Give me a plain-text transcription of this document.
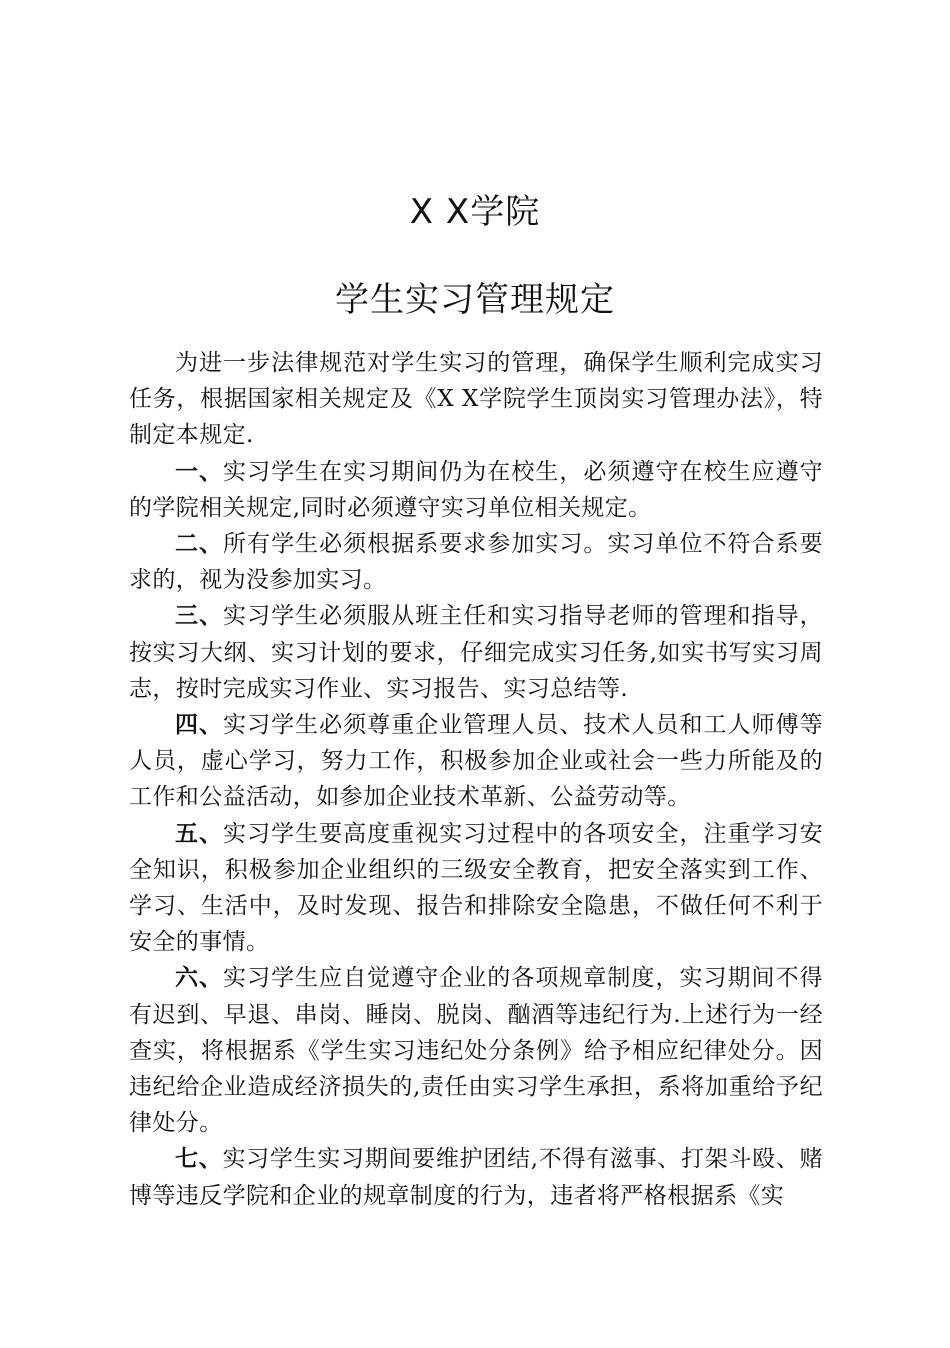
X X学院
学生实习管理规定

为进一步法律规范对学生实习的管理，确保学生顺利完成实习任务，根据国家相关规定及《X X学院学生顶岗实习管理办法》，特制定本规定.

一、实习学生在实习期间仍为在校生，必须遵守在校生应遵守的学院相关规定,同时必须遵守实习单位相关规定。

二、所有学生必须根据系要求参加实习。实习单位不符合系要求的，视为没参加实习。

三、实习学生必须服从班主任和实习指导老师的管理和指导，按实习大纲、实习计划的要求，仔细完成实习任务,如实书写实习周志，按时完成实习作业、实习报告、实习总结等.

四、实习学生必须尊重企业管理人员、技术人员和工人师傅等人员，虚心学习，努力工作，积极参加企业或社会一些力所能及的工作和公益活动，如参加企业技术革新、公益劳动等。

五、实习学生要高度重视实习过程中的各项安全，注重学习安全知识，积极参加企业组织的三级安全教育，把安全落实到工作、学习、生活中，及时发现、报告和排除安全隐患，不做任何不利于安全的事情。

六、实习学生应自觉遵守企业的各项规章制度，实习期间不得有迟到、早退、串岗、睡岗、脱岗、酗酒等违纪行为.上述行为一经查实，将根据系《学生实习违纪处分条例》给予相应纪律处分。因违纪给企业造成经济损失的,责任由实习学生承担，系将加重给予纪律处分。

七、实习学生实习期间要维护团结,不得有滋事、打架斗殴、赌博等违反学院和企业的规章制度的行为，违者将严格根据系《实
